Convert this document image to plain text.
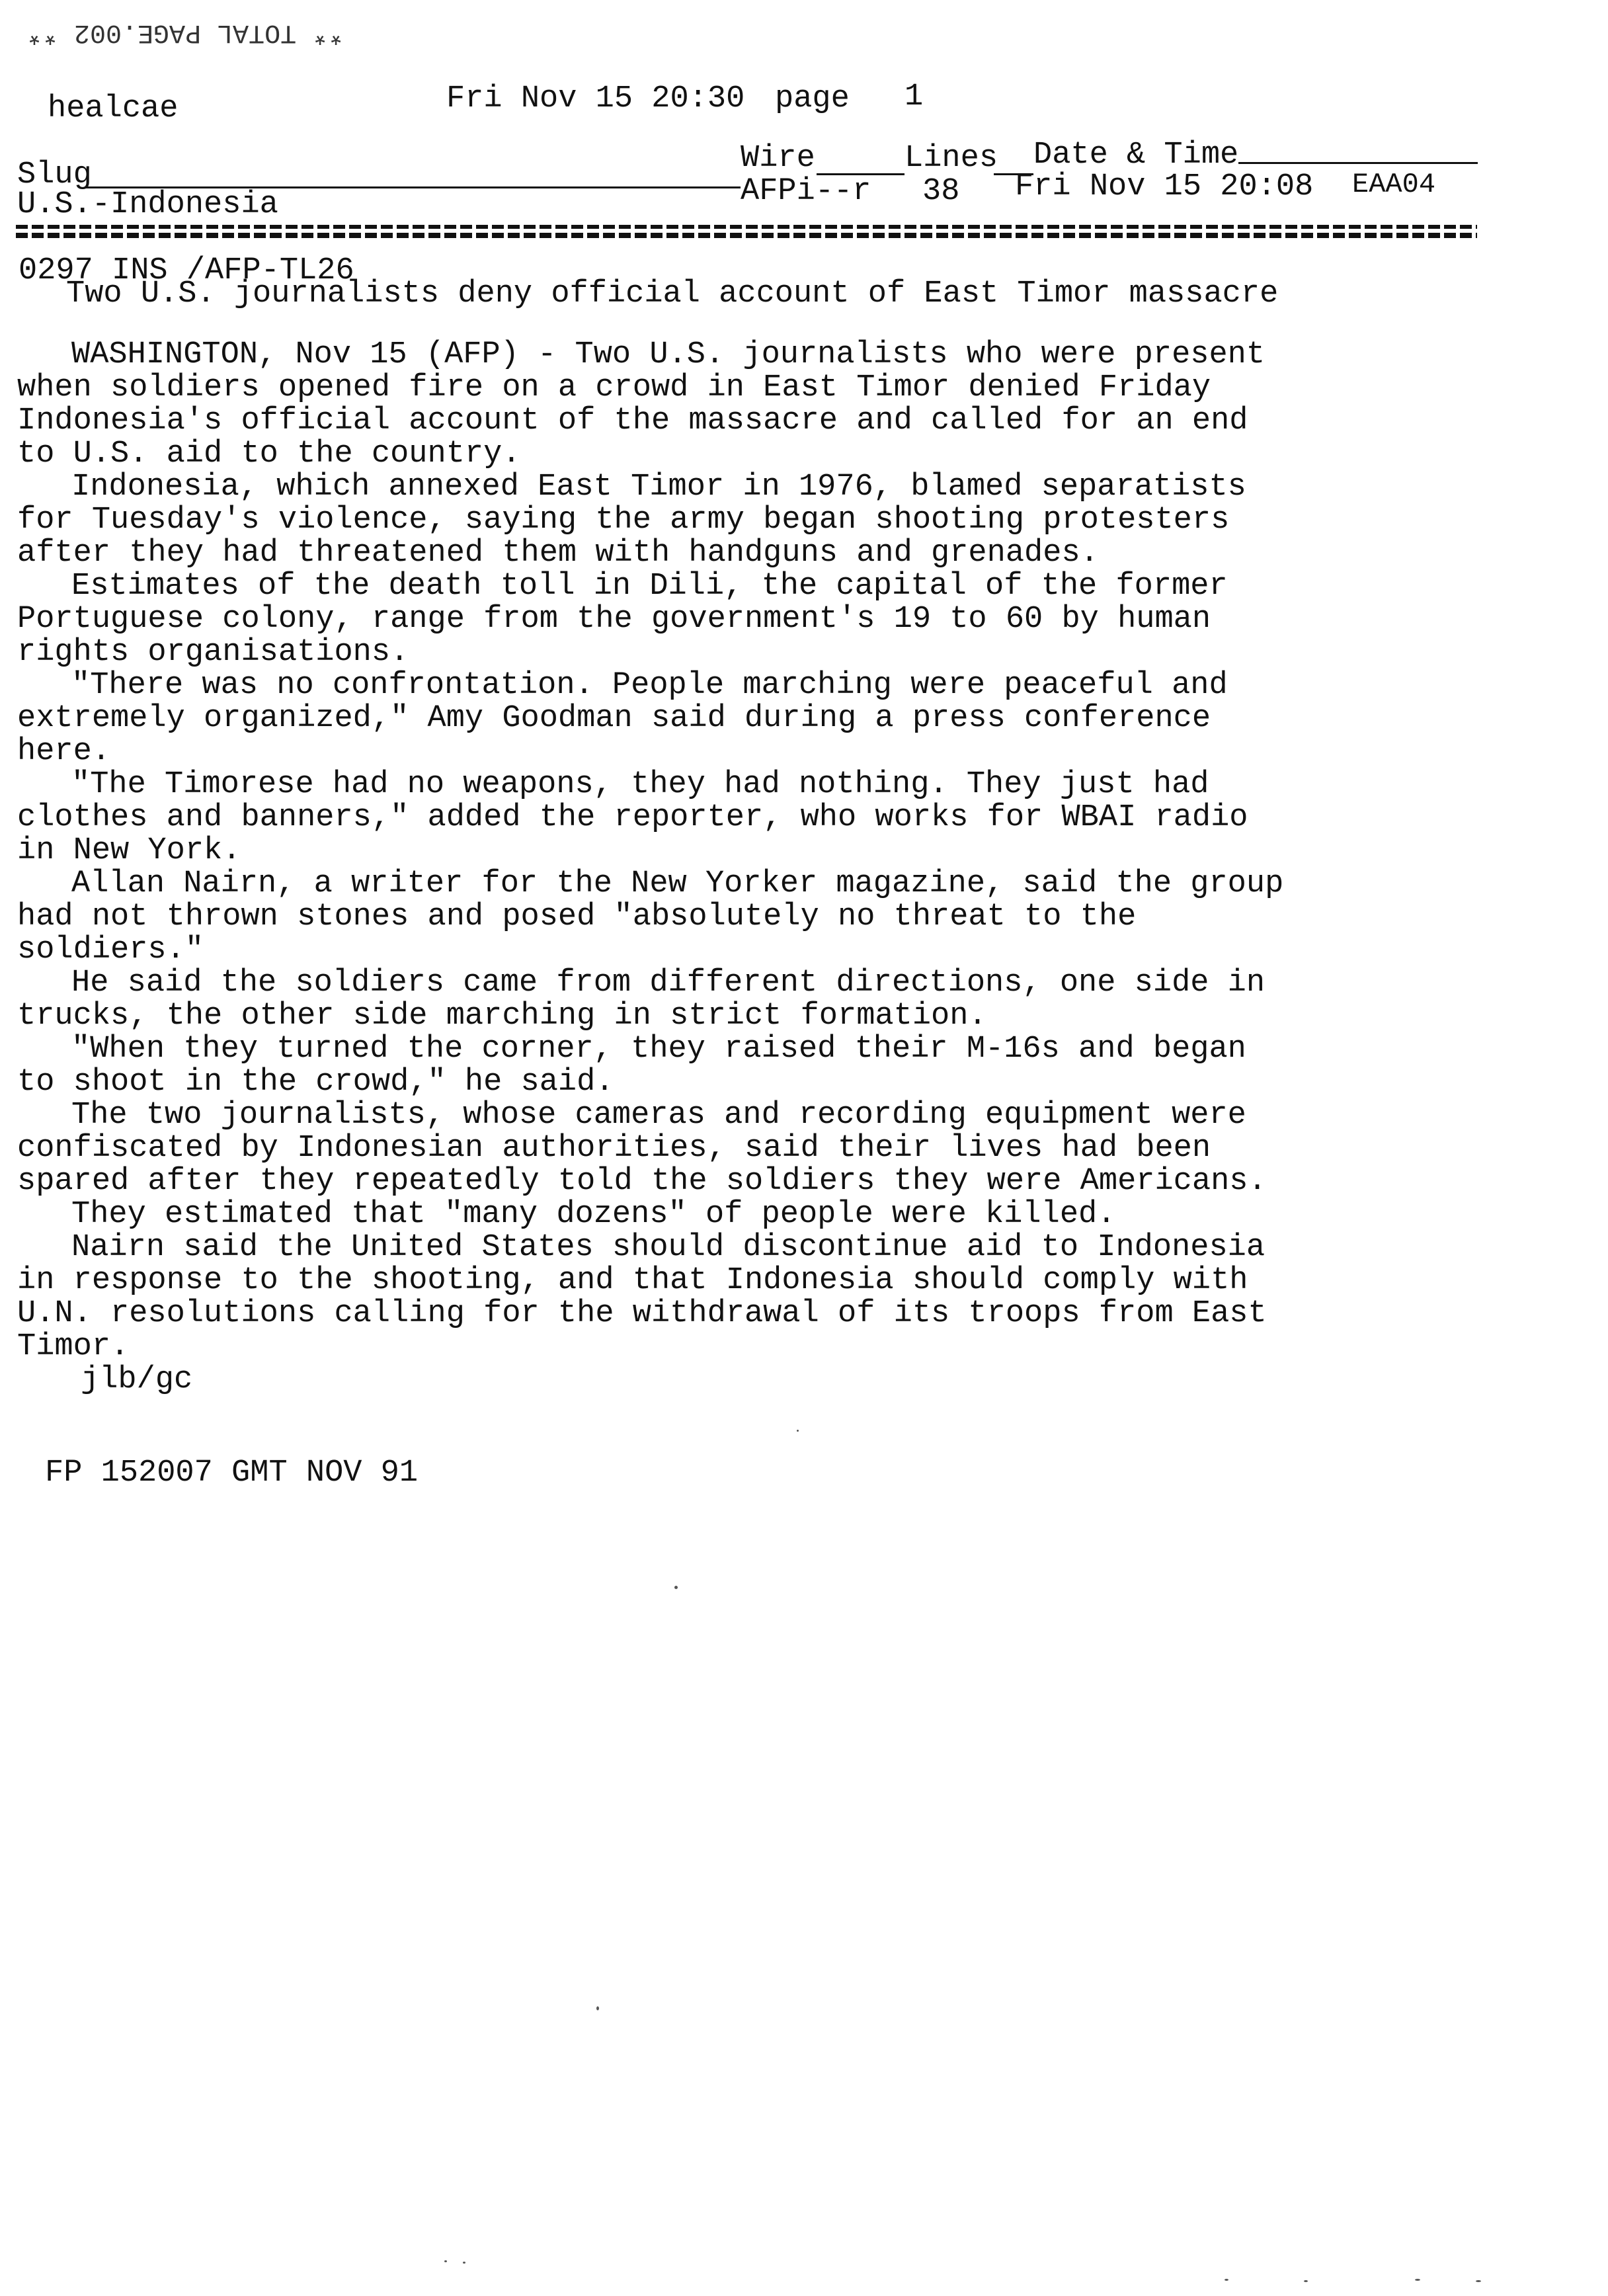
** TOTAL PAGE.002 **
healcae	Fri Nov 15 20:30 page 1
Slug	Wire	Lines Date & Time
U.S.-Indonesia	AFPi--r 38 Fri Nov 15 20:08 EAA04
0297 INS /AFP-TL26
Two U.S. journalists deny official account of East Timor massacre

WASHINGTON, Nov 15 (AFP) - Two U.S. journalists who were present when soldiers opened fire on a crowd in East Timor denied Friday Indonesia's official account of the massacre and called for an end to U.S. aid to the country.

Indonesia, which annexed East Timor in 1976, blamed separatists for Tuesday's violence, saying the army began shooting protesters after they had threatened them with handguns and grenades.

Estimates of the death toll in Dili, the capital of the former Portuguese colony, range from the government's 19 to 60 by human rights organisations.

"There was no confrontation. People marching were peaceful and extremely organized," Amy Goodman said during a press conference here.

"The Timorese had no weapons, they had nothing. They just had clothes and banners," added the reporter, who works for WBAI radio in New York.

Allan Nairn, a writer for the New Yorker magazine, said the group had not thrown stones and posed "absolutely no threat to the soldiers."

He said the soldiers came from different directions, one side in trucks, the other side marching in strict formation.

"When they turned the corner, they raised their M-16s and began to shoot in the crowd," he said.

The two journalists, whose cameras and recording equipment were confiscated by Indonesian authorities, said their lives had been spared after they repeatedly told the soldiers they were Americans.

They estimated that "many dozens" of people were killed.

Nairn said the United States should discontinue aid to Indonesia in response to the shooting, and that Indonesia should comply with U.N. resolutions calling for the withdrawal of its troops from East Timor.

jlb/gc
FP 152007 GMT NOV 91
